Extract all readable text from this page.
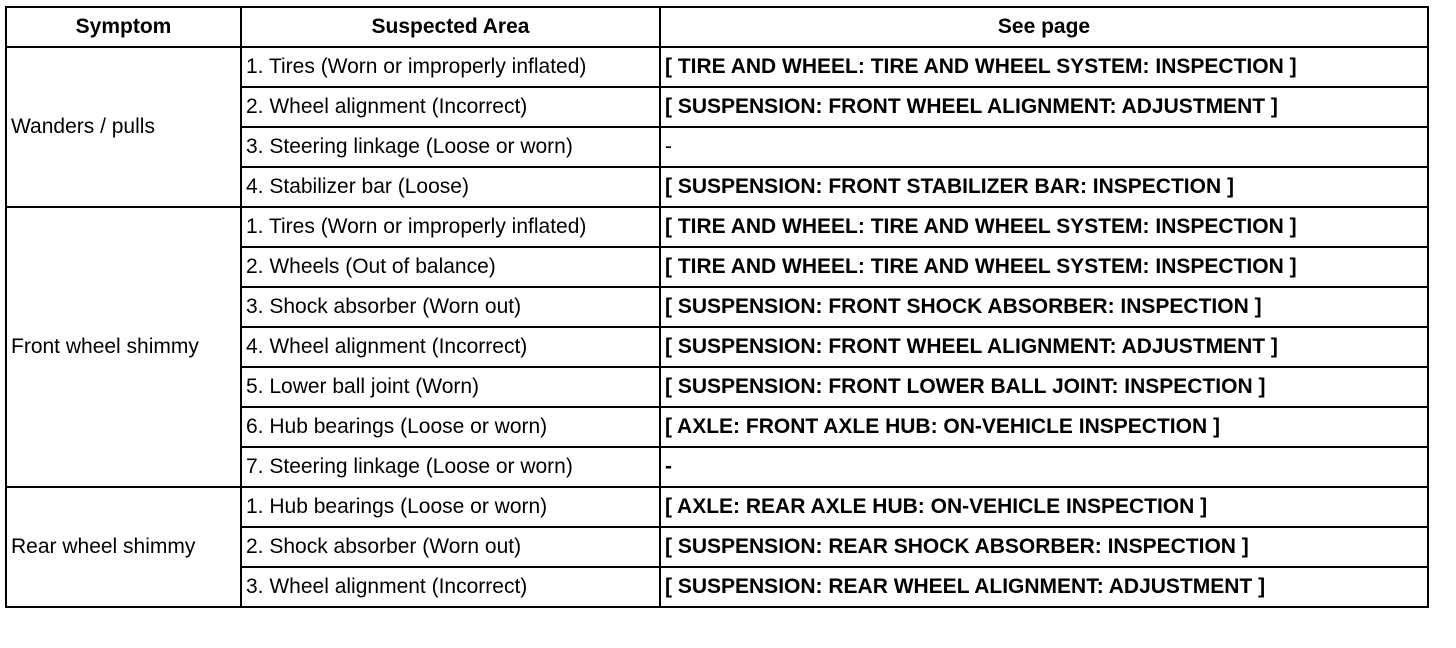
Symptom	Suspected Area	See page
Wanders / pulls	1. Tires (Worn or improperly inflated)	[ TIRE AND WHEEL: TIRE AND WHEEL SYSTEM: INSPECTION ]
	2. Wheel alignment (Incorrect)	[ SUSPENSION: FRONT WHEEL ALIGNMENT: ADJUSTMENT ]
	3. Steering linkage (Loose or worn)	-
	4. Stabilizer bar (Loose)	[ SUSPENSION: FRONT STABILIZER BAR: INSPECTION ]
Front wheel shimmy	1. Tires (Worn or improperly inflated)	[ TIRE AND WHEEL: TIRE AND WHEEL SYSTEM: INSPECTION ]
	2. Wheels (Out of balance)	[ TIRE AND WHEEL: TIRE AND WHEEL SYSTEM: INSPECTION ]
	3. Shock absorber (Worn out)	[ SUSPENSION: FRONT SHOCK ABSORBER: INSPECTION ]
	4. Wheel alignment (Incorrect)	[ SUSPENSION: FRONT WHEEL ALIGNMENT: ADJUSTMENT ]
	5. Lower ball joint (Worn)	[ SUSPENSION: FRONT LOWER BALL JOINT: INSPECTION ]
	6. Hub bearings (Loose or worn)	[ AXLE: FRONT AXLE HUB: ON-VEHICLE INSPECTION ]
	7. Steering linkage (Loose or worn)	-
Rear wheel shimmy	1. Hub bearings (Loose or worn)	[ AXLE: REAR AXLE HUB: ON-VEHICLE INSPECTION ]
	2. Shock absorber (Worn out)	[ SUSPENSION: REAR SHOCK ABSORBER: INSPECTION ]
	3. Wheel alignment (Incorrect)	[ SUSPENSION: REAR WHEEL ALIGNMENT: ADJUSTMENT ]
